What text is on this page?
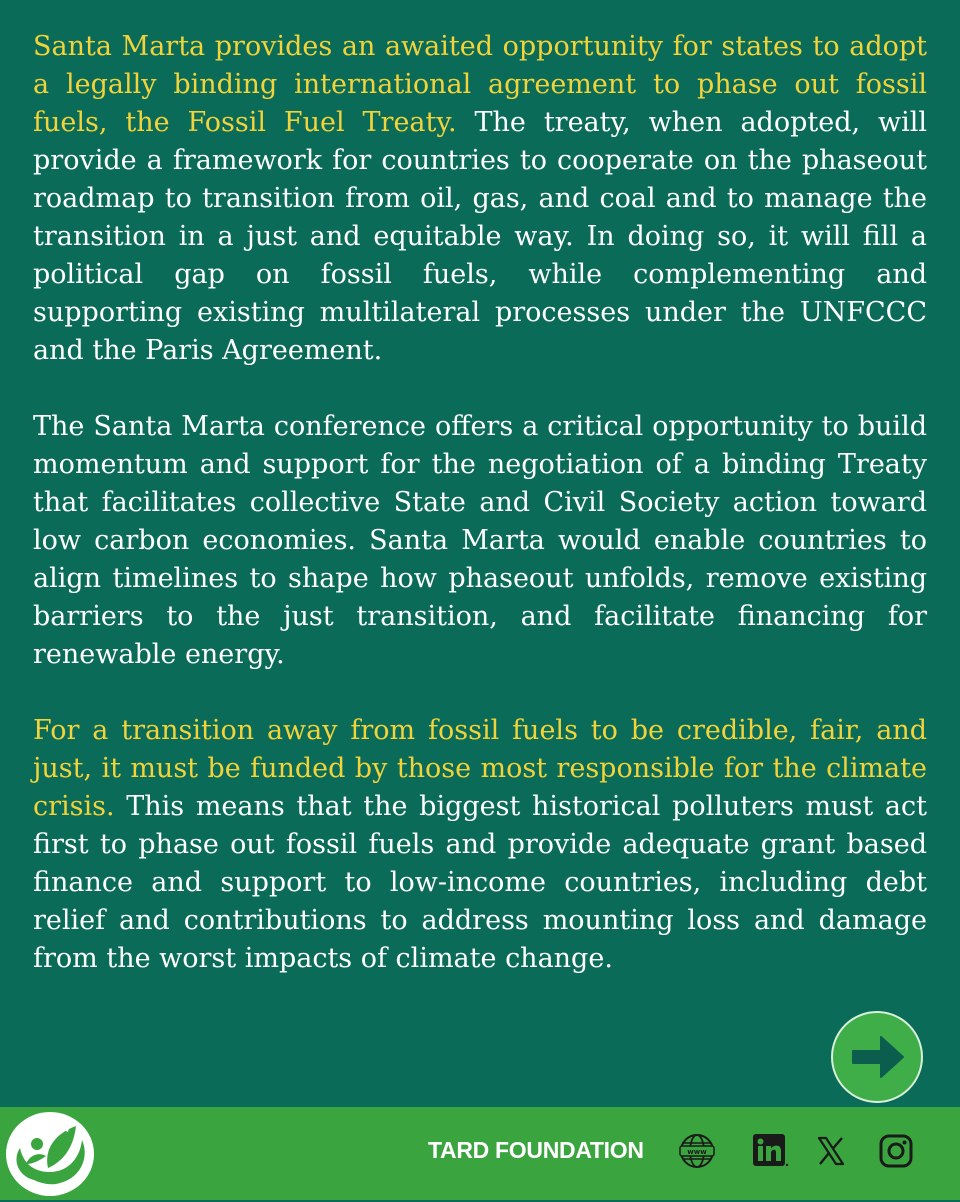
Santa Marta provides an awaited opportunity for states to adopt a legally binding international agreement to phase out fossil fuels, the Fossil Fuel Treaty. The treaty, when adopted, will provide a framework for countries to cooperate on the phaseout roadmap to transition from oil, gas, and coal and to manage the transition in a just and equitable way. In doing so, it will fill a political gap on fossil fuels, while complementing and supporting existing multilateral processes under the UNFCCC and the Paris Agreement.

The Santa Marta conference offers a critical opportunity to build momentum and support for the negotiation of a binding Treaty that facilitates collective State and Civil Society action toward low carbon economies. Santa Marta would enable countries to align timelines to shape how phaseout unfolds, remove existing barriers to the just transition, and facilitate financing for renewable energy.

For a transition away from fossil fuels to be credible, fair, and just, it must be funded by those most responsible for the climate crisis. This means that the biggest historical polluters must act first to phase out fossil fuels and provide adequate grant based finance and support to low-income countries, including debt relief and contributions to address mounting loss and damage from the worst impacts of climate change.

TARD FOUNDATION	www
